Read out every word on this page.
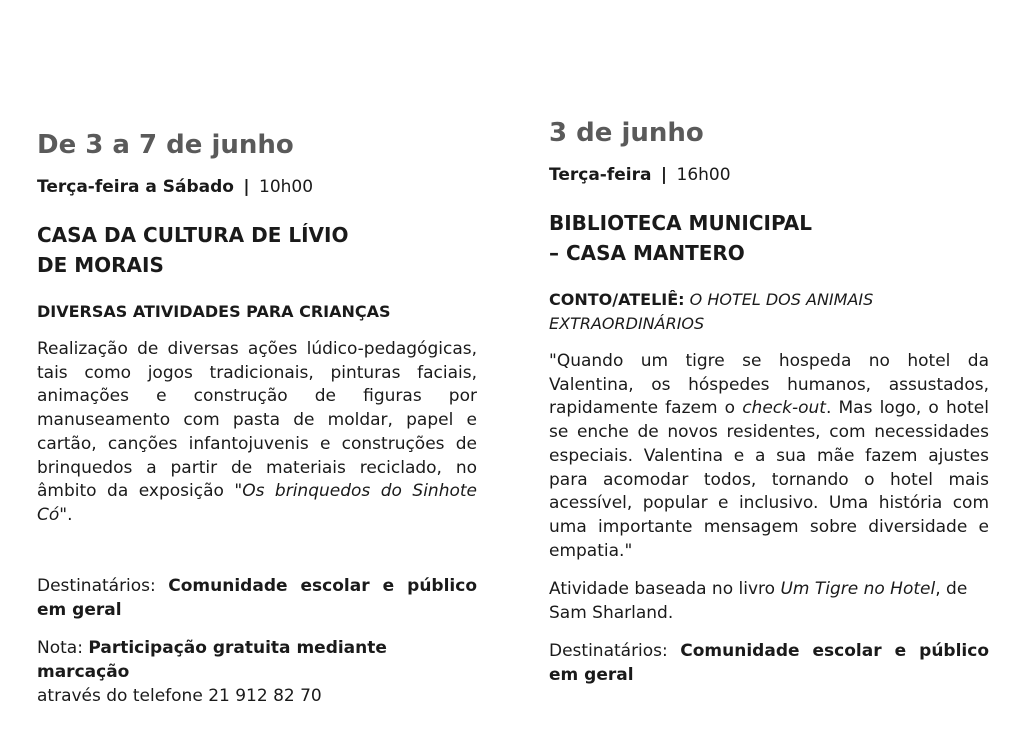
De 3 a 7 de junho
Terça-feira a Sábado | 10h00
CASA DA CULTURA DE LÍVIO
DE MORAIS
DIVERSAS ATIVIDADES PARA CRIANÇAS

Realização de diversas ações lúdico-pedagógicas, tais como jogos tradicionais, pinturas faciais, animações e construção de figuras por manuseamento com pasta de moldar, papel e cartão, canções infantojuvenis e construções de brinquedos a partir de materiais reciclado, no âmbito da exposição "Os brinquedos do Sinhote Có".

Destinatários: Comunidade escolar e público em geral

Nota: Participação gratuita mediante marcação
através do telefone 21 912 82 70

3 de junho
Terça-feira | 16h00
BIBLIOTECA MUNICIPAL
– CASA MANTERO
CONTO/ATELIÊ: O HOTEL DOS ANIMAIS EXTRAORDINÁRIOS

"Quando um tigre se hospeda no hotel da Valentina, os hóspedes humanos, assustados, rapidamente fazem o check-out. Mas logo, o hotel se enche de novos residentes, com necessidades especiais. Valentina e a sua mãe fazem ajustes para acomodar todos, tornando o hotel mais acessível, popular e inclusivo. Uma história com uma importante mensagem sobre diversidade e empatia."

Atividade baseada no livro Um Tigre no Hotel, de Sam Sharland.

Destinatários: Comunidade escolar e público em geral
